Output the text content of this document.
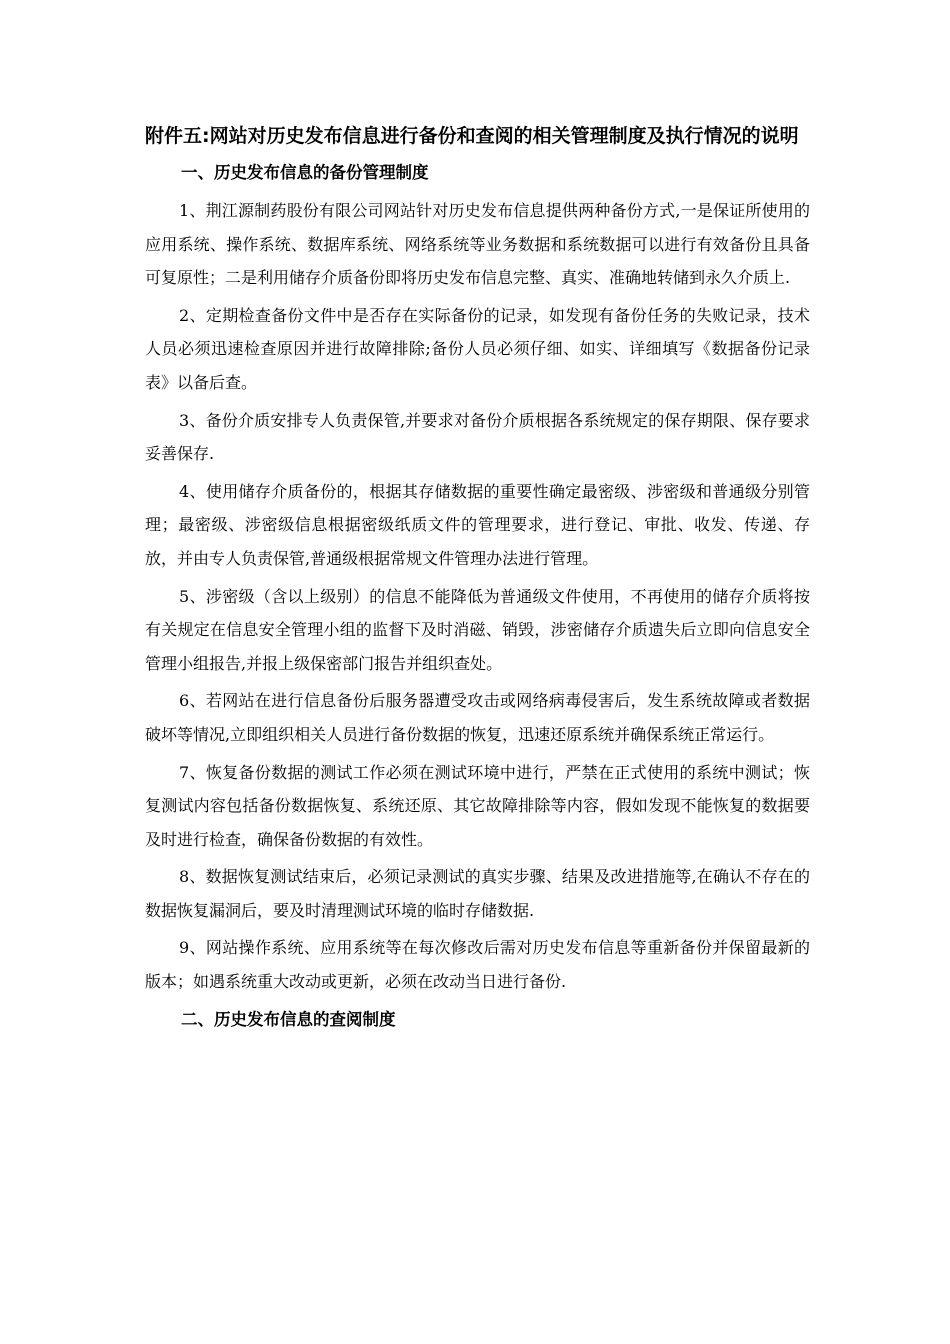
附件五:网站对历史发布信息进行备份和查阅的相关管理制度及执行情况的说明
一、历史发布信息的备份管理制度

1、荆江源制药股份有限公司网站针对历史发布信息提供两种备份方式,一是保证所使用的应用系统、操作系统、数据库系统、网络系统等业务数据和系统数据可以进行有效备份且具备可复原性；二是利用储存介质备份即将历史发布信息完整、真实、准确地转储到永久介质上.

2、定期检查备份文件中是否存在实际备份的记录，如发现有备份任务的失败记录，技术人员必须迅速检查原因并进行故障排除;备份人员必须仔细、如实、详细填写《数据备份记录表》以备后查。

3、备份介质安排专人负责保管,并要求对备份介质根据各系统规定的保存期限、保存要求妥善保存.

4、使用储存介质备份的，根据其存储数据的重要性确定最密级、涉密级和普通级分别管理；最密级、涉密级信息根据密级纸质文件的管理要求，进行登记、审批、收发、传递、存放，并由专人负责保管,普通级根据常规文件管理办法进行管理。

5、涉密级（含以上级别）的信息不能降低为普通级文件使用，不再使用的储存介质将按有关规定在信息安全管理小组的监督下及时消磁、销毁，涉密储存介质遗失后立即向信息安全管理小组报告,并报上级保密部门报告并组织查处。

6、若网站在进行信息备份后服务器遭受攻击或网络病毒侵害后，发生系统故障或者数据破坏等情况,立即组织相关人员进行备份数据的恢复，迅速还原系统并确保系统正常运行。

7、恢复备份数据的测试工作必须在测试环境中进行，严禁在正式使用的系统中测试；恢复测试内容包括备份数据恢复、系统还原、其它故障排除等内容，假如发现不能恢复的数据要及时进行检查，确保备份数据的有效性。

8、数据恢复测试结束后，必须记录测试的真实步骤、结果及改进措施等,在确认不存在的数据恢复漏洞后，要及时清理测试环境的临时存储数据.

9、网站操作系统、应用系统等在每次修改后需对历史发布信息等重新备份并保留最新的版本；如遇系统重大改动或更新，必须在改动当日进行备份.

二、历史发布信息的查阅制度
